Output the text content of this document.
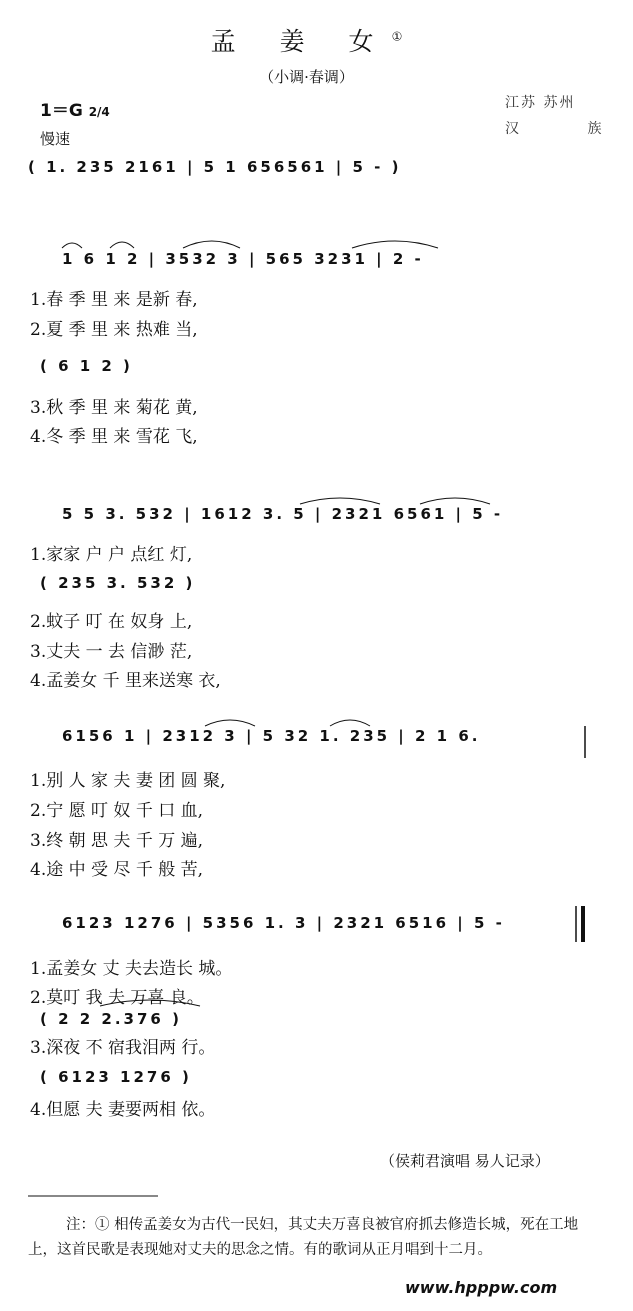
孟 姜 女①
（小调·春调）
1＝G 2/4
慢速
江苏 苏州
汉 族
( 1. 235 2161 | 5 1 656561 | 5 - )
1 6 1 2 | 3532 3 | 565 3231 | 2 -
1.春 季 里 来 是新 春,
2.夏 季 里 来 热难 当,
( 6 1 2 )
3.秋 季 里 来 菊花 黄,
4.冬 季 里 来 雪花 飞,
5 5 3. 532 | 1612 3. 5 | 2321 6561 | 5 -
1.家家 户 户 点红 灯,
( 235 3. 532 )
2.蚊子 叮 在 奴身 上,
3.丈夫 一 去 信渺 茫,
4.孟姜女 千 里来送寒 衣,
6156 1 | 2312 3 | 5 32 1. 235 | 2 1 6.
1.别 人 家 夫 妻 团 圆 聚,
2.宁 愿 叮 奴 千 口 血,
3.终 朝 思 夫 千 万 遍,
4.途 中 受 尽 千 般 苦,
6123 1276 | 5356 1. 3 | 2321 6516 | 5 -
1.孟姜女 丈 夫去造长 城。
2.莫叮 我 夫 万喜 良。
( 2 2 2.376 )
3.深夜 不 宿我泪两 行。
( 6123 1276 )
4.但愿 夫 妻要两相 依。
（侯莉君演唱 易人记录）
注：① 相传孟姜女为古代一民妇，其丈夫万喜良被官府抓去修造长城，死在工地上，这首民歌是表现她对丈夫的思念之情。有的歌词从正月唱到十二月。
www.hpppw.com
